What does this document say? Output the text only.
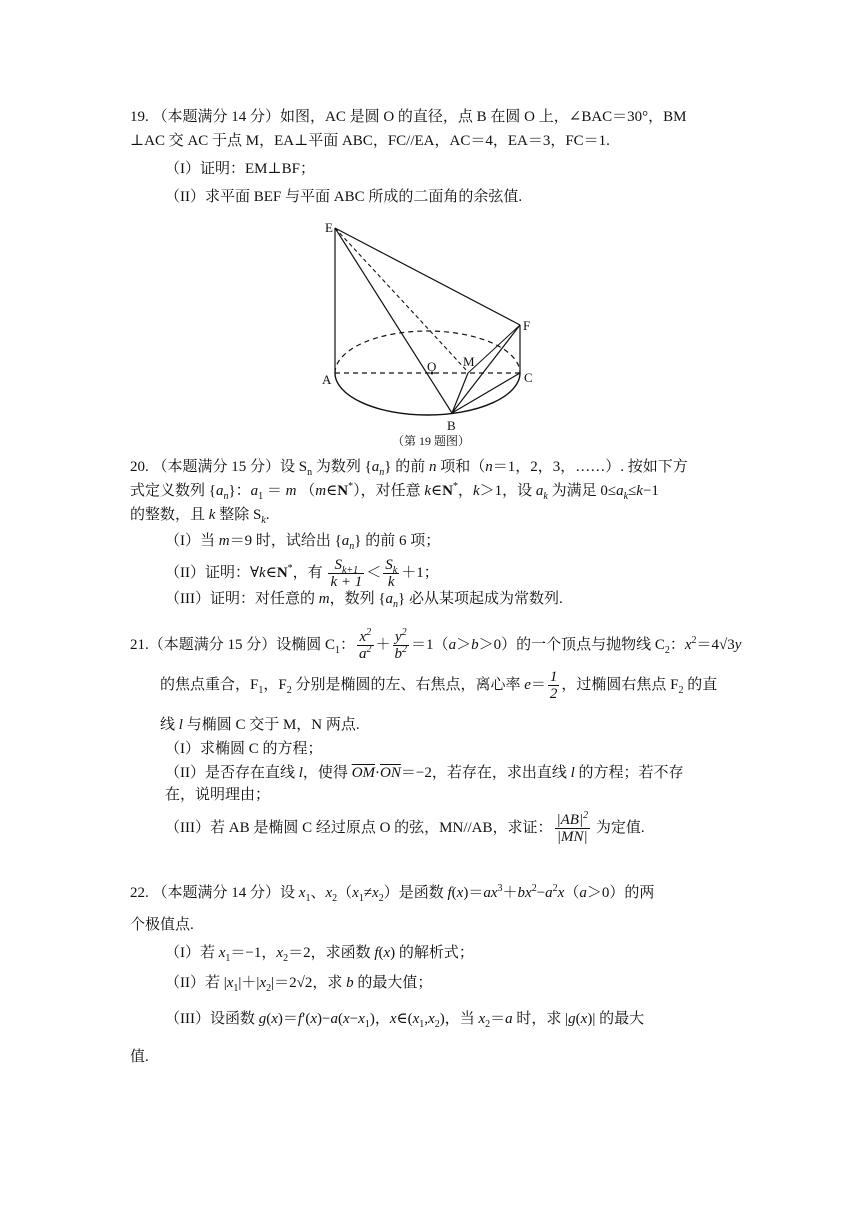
19. （本题满分 14 分）如图，AC 是圆 O 的直径，点 B 在圆 O 上，∠BAC＝30°，BM
⊥AC 交 AC 于点 M，EA⊥平面 ABC，FC//EA，AC＝4，EA＝3，FC＝1.
（I）证明：EM⊥BF；
（II）求平面 BEF 与平面 ABC 所成的二面角的余弦值.
E
F
A	C
O M
B
（第 19 题图）
20. （本题满分 15 分）设 $S_n$ 为数列 $\{a_n\}$ 的前 n 项和（n＝1，2，3，……）. 按如下方
式定义数列 $\{a_n\}$：$a_1 = m$ （m∈N*），对任意 k∈N*，k＞1，设 $a_k$ 为满足 $0\le a_k\le k-1$
的整数，且 k 整除 $S_k$.
（I）当 m＝9 时，试给出 $\{a_n\}$ 的前 6 项；
（II）证明：∀k∈N*，有 $\frac{S_{k+1}}{k + 1} < \frac{S_k}{k} +1$；
（III）证明：对任意的 m，数列 $\{a_n\}$ 必从某项起成为常数列.
21.（本题满分 15 分）设椭圆 $C_1$： $\frac{x^2}{a^2} + \frac{y^2}{b^2} =1(a>b>0)$的一个顶点与抛物线 $C_2$：$x^2=4√3y$
的焦点重合，$F_1$，$F_2$ 分别是椭圆的左、右焦点，离心率 $e= \frac{1}{2}$ ，过椭圆右焦点 $F_2$ 的直
线 l 与椭圆 C 交于 M，N 两点.
（I）求椭圆 C 的方程；
（II）是否存在直线 l，使得 $\overline{OM}\cdot\overline{ON}=-2$，若存在，求出直线 l 的方程；若不存
在，说明理由；
（III）若 AB 是椭圆 C 经过原点 O 的弦，MN//AB，求证： $\frac{|AB|^2}{|MN|}$ 为定值.
22. （本题满分 14 分）设 $x_1$、$x_2(x_1\ne x_2)$是函数 $f(x)=ax^3+bx^2-a^2x(a>0)$的两
个极值点.
（I）若 $x_1=-1$，$x_2=2$，求函数 f(x) 的解析式；
（II）若 $|x_1|+|x_2|=2√2$，求 b 的最大值；
（III）设函数 $g(x)=f'(x)-a(x-x_1)$，$x\in(x_1,x_2)$，当 $x_2=a$ 时，求 |g(x)| 的最大
值.
